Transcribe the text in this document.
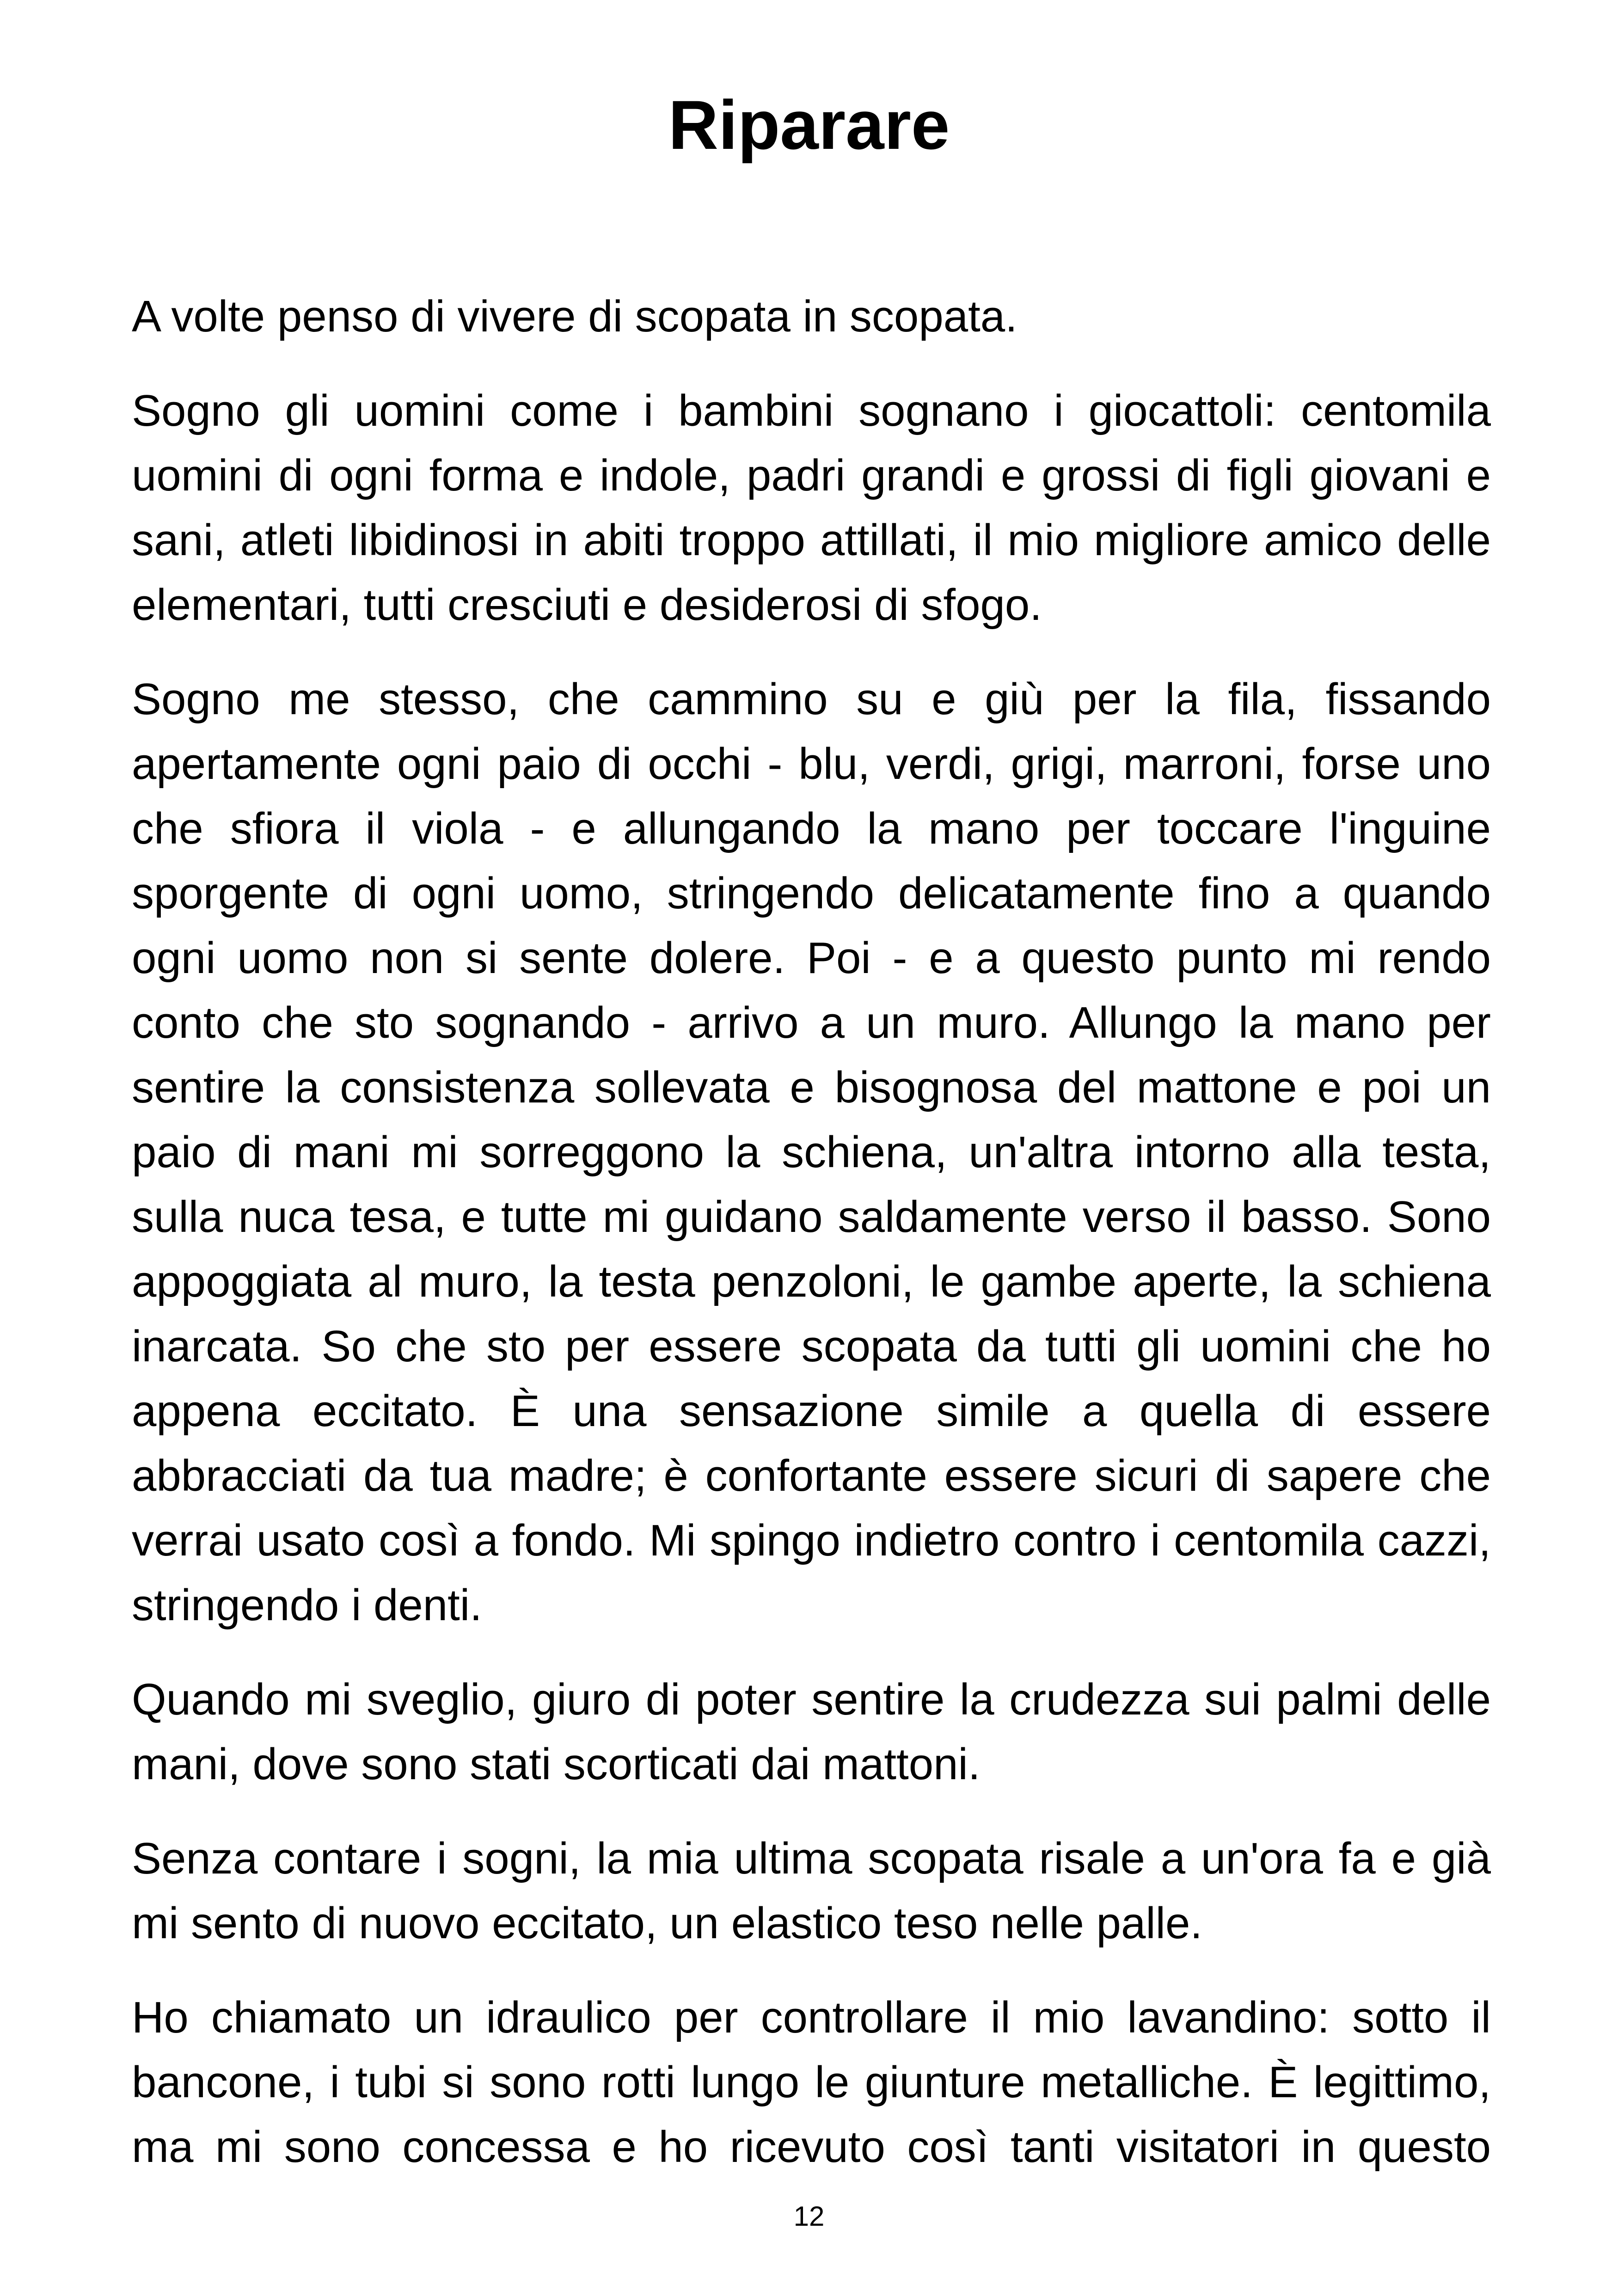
Riparare

A volte penso di vivere di scopata in scopata.

Sogno gli uomini come i bambini sognano i giocattoli: centomila uomini di ogni forma e indole, padri grandi e grossi di figli giovani e sani, atleti libidinosi in abiti troppo attillati, il mio migliore amico delle elementari, tutti cresciuti e desiderosi di sfogo.

Sogno me stesso, che cammino su e giù per la fila, fissando apertamente ogni paio di occhi - blu, verdi, grigi, marroni, forse uno che sfiora il viola - e allungando la mano per toccare l'inguine sporgente di ogni uomo, stringendo delicatamente fino a quando ogni uomo non si sente dolere. Poi - e a questo punto mi rendo conto che sto sognando - arrivo a un muro. Allungo la mano per sentire la consistenza sollevata e bisognosa del mattone e poi un paio di mani mi sorreggono la schiena, un'altra intorno alla testa, sulla nuca tesa, e tutte mi guidano saldamente verso il basso. Sono appoggiata al muro, la testa penzoloni, le gambe aperte, la schiena inarcata. So che sto per essere scopata da tutti gli uomini che ho appena eccitato. È una sensazione simile a quella di essere abbracciati da tua madre; è confortante essere sicuri di sapere che verrai usato così a fondo. Mi spingo indietro contro i centomila cazzi, stringendo i denti.

Quando mi sveglio, giuro di poter sentire la crudezza sui palmi delle mani, dove sono stati scorticati dai mattoni.

Senza contare i sogni, la mia ultima scopata risale a un'ora fa e già mi sento di nuovo eccitato, un elastico teso nelle palle.

Ho chiamato un idraulico per controllare il mio lavandino: sotto il bancone, i tubi si sono rotti lungo le giunture metalliche. È legittimo, ma mi sono concessa e ho ricevuto così tanti visitatori in questo

12
